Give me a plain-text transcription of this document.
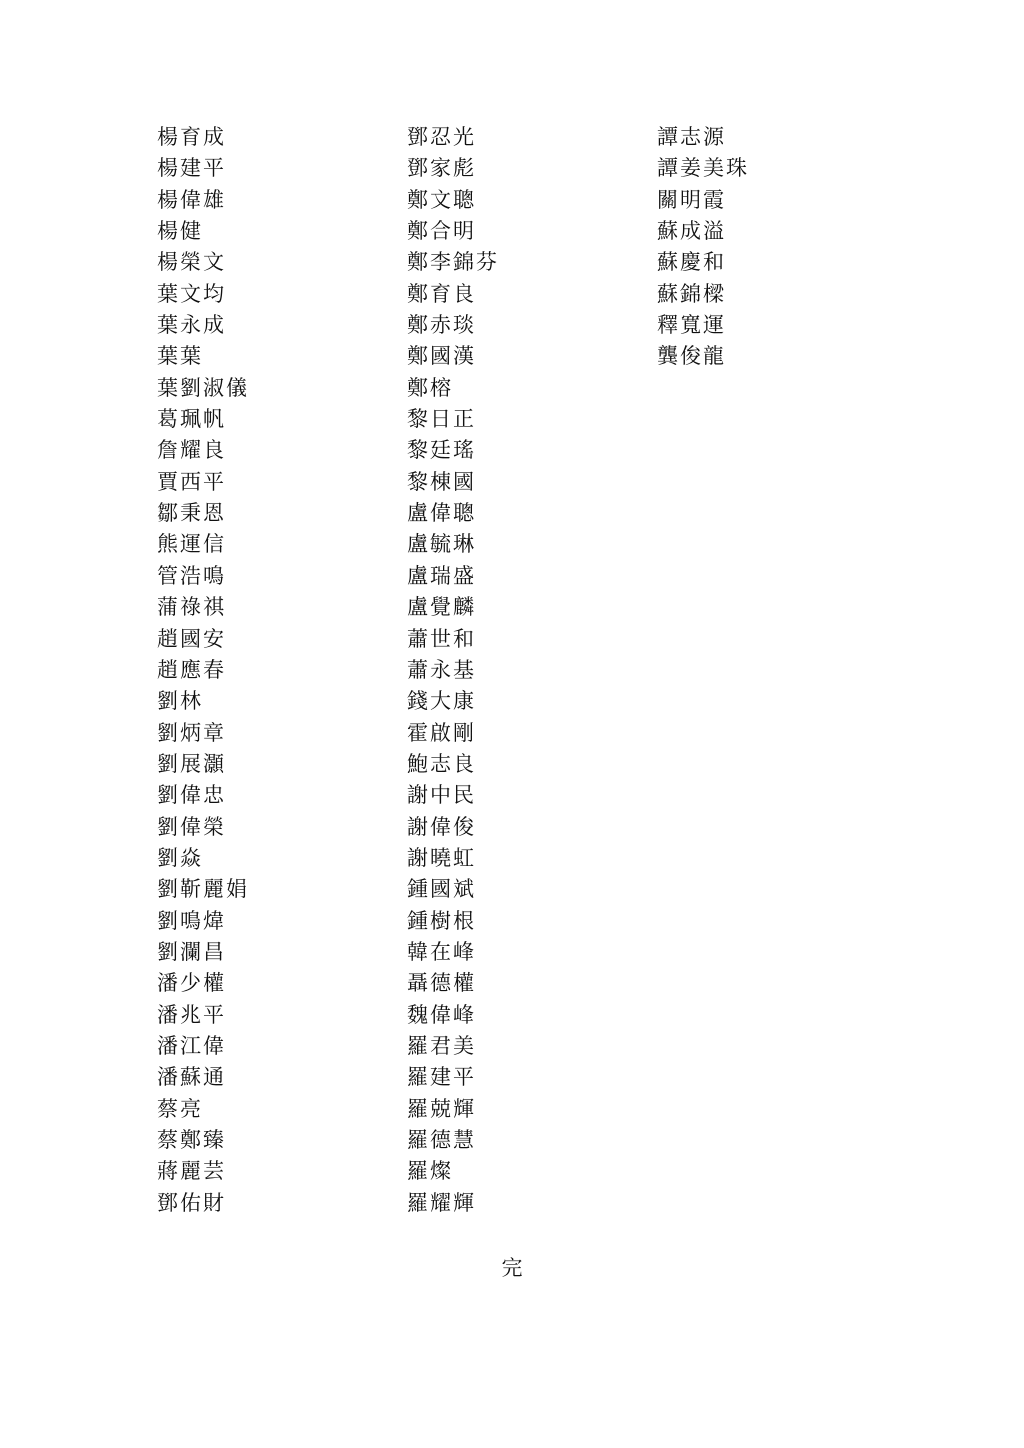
楊育成
楊建平
楊偉雄
楊健
楊榮文
葉文均
葉永成
葉葉
葉劉淑儀
葛珮帆
詹耀良
賈西平
鄒秉恩
熊運信
管浩鳴
蒲祿祺
趙國安
趙應春
劉林
劉炳章
劉展灝
劉偉忠
劉偉榮
劉焱
劉靳麗娟
劉鳴煒
劉瀾昌
潘少權
潘兆平
潘江偉
潘蘇通
蔡亮
蔡鄭臻
蔣麗芸
鄧佑財
鄧忍光
鄧家彪
鄭文聰
鄭合明
鄭李錦芬
鄭育良
鄭赤琰
鄭國漢
鄭榕
黎日正
黎廷瑤
黎棟國
盧偉聰
盧毓琳
盧瑞盛
盧覺麟
蕭世和
蕭永基
錢大康
霍啟剛
鮑志良
謝中民
謝偉俊
謝曉虹
鍾國斌
鍾樹根
韓在峰
聶德權
魏偉峰
羅君美
羅建平
羅兢輝
羅德慧
羅燦
羅耀輝
譚志源
譚姜美珠
關明霞
蘇成溢
蘇慶和
蘇錦樑
釋寬運
龔俊龍
完
